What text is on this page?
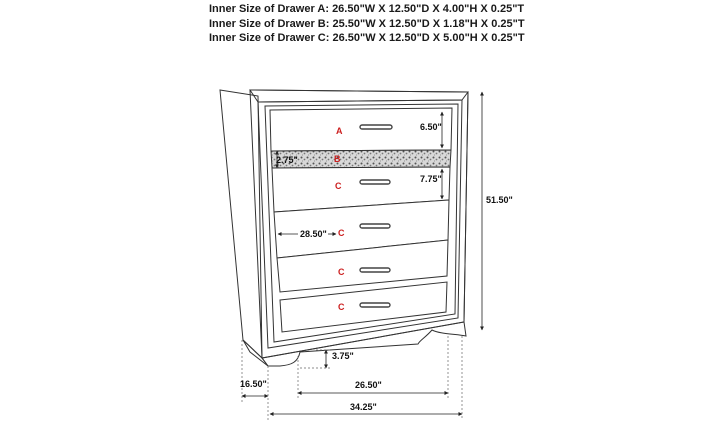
Inner Size of Drawer A: 26.50"W X 12.50"D X 4.00"H X 0.25"T
Inner Size of Drawer B: 25.50"W X 12.50"D X 1.18"H X 0.25"T
Inner Size of Drawer C: 26.50"W X 12.50"D X 5.00"H X 0.25"T
A
B
C
C
C
C
6.50"
2.75"
7.75"
28.50"
51.50"
3.75"
16.50"	26.50"
34.25"
